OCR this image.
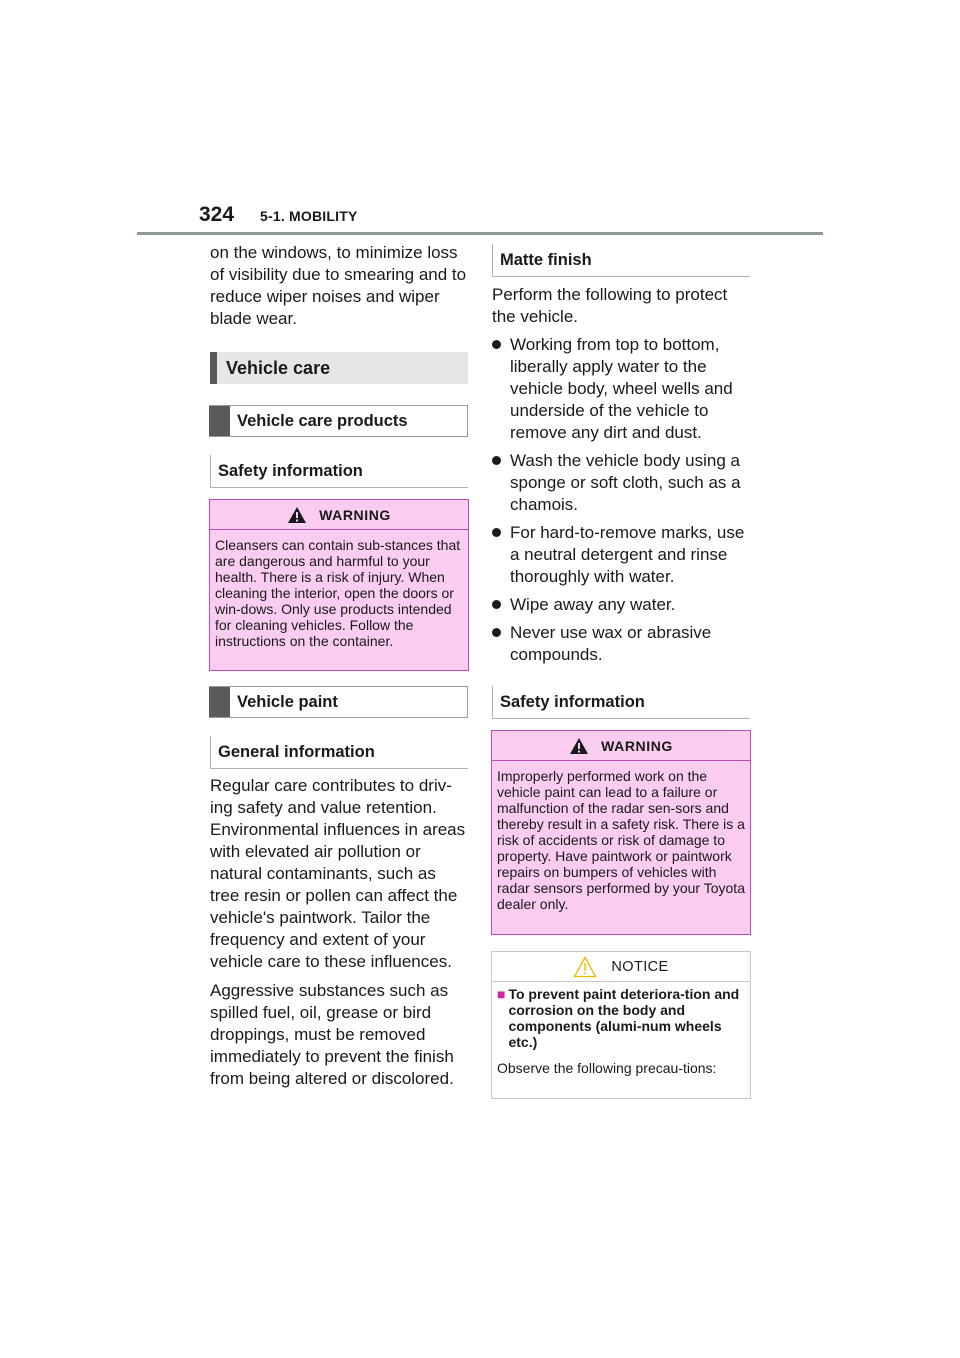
324 5-1. MOBILITY

on the windows, to minimize loss of visibility due to smearing and to reduce wiper noises and wiper blade wear.

Vehicle care
Vehicle care products
Safety information
WARNING
Cleansers can contain sub-stances that are dangerous and harmful to your health. There is a risk of injury. When cleaning the interior, open the doors or win-dows. Only use products intended for cleaning vehicles. Follow the instructions on the container.
Vehicle paint
General information

Regular care contributes to driv-ing safety and value retention. Environmental influences in areas with elevated air pollution or natural contaminants, such as tree resin or pollen can affect the vehicle's paintwork. Tailor the frequency and extent of your vehicle care to these influences.

Aggressive substances such as spilled fuel, oil, grease or bird droppings, must be removed immediately to prevent the finish from being altered or discolored.

Matte finish

Perform the following to protect the vehicle.

Working from top to bottom, liberally apply water to the vehicle body, wheel wells and underside of the vehicle to remove any dirt and dust.
Wash the vehicle body using a sponge or soft cloth, such as a chamois.
For hard-to-remove marks, use a neutral detergent and rinse thoroughly with water.
Wipe away any water.
Never use wax or abrasive compounds.
Safety information
WARNING
Improperly performed work on the vehicle paint can lead to a failure or malfunction of the radar sen-sors and thereby result in a safety risk. There is a risk of accidents or risk of damage to property. Have paintwork or paintwork repairs on bumpers of vehicles with radar sensors performed by your Toyota dealer only.
NOTICE
■ To prevent paint deteriora-tion and corrosion on the body and components (alumi-num wheels etc.)
Observe the following precau-tions:
